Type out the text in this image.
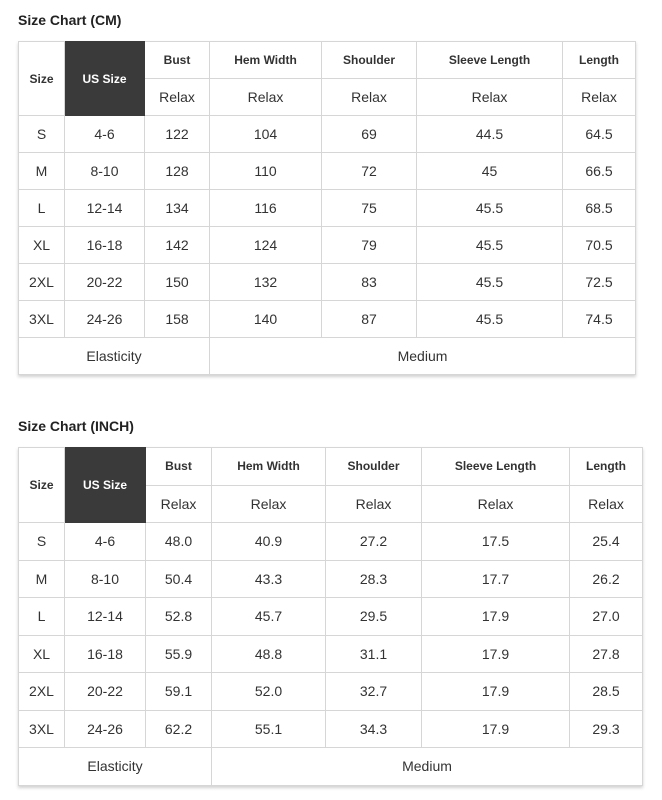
Size Chart (CM)
Size	US Size	Bust	Hem Width	Shoulder	Sleeve Length	Length
		Relax	Relax	Relax	Relax	Relax
S	4-6	122	104	69	44.5	64.5
M	8-10	128	110	72	45	66.5
L	12-14	134	116	75	45.5	68.5
XL	16-18	142	124	79	45.5	70.5
2XL	20-22	150	132	83	45.5	72.5
3XL	24-26	158	140	87	45.5	74.5
Elasticity			Medium			
Size Chart (INCH)
Size	US Size	Bust	Hem Width	Shoulder	Sleeve Length	Length
		Relax	Relax	Relax	Relax	Relax
S	4-6	48.0	40.9	27.2	17.5	25.4
M	8-10	50.4	43.3	28.3	17.7	26.2
L	12-14	52.8	45.7	29.5	17.9	27.0
XL	16-18	55.9	48.8	31.1	17.9	27.8
2XL	20-22	59.1	52.0	32.7	17.9	28.5
3XL	24-26	62.2	55.1	34.3	17.9	29.3
Elasticity			Medium			
